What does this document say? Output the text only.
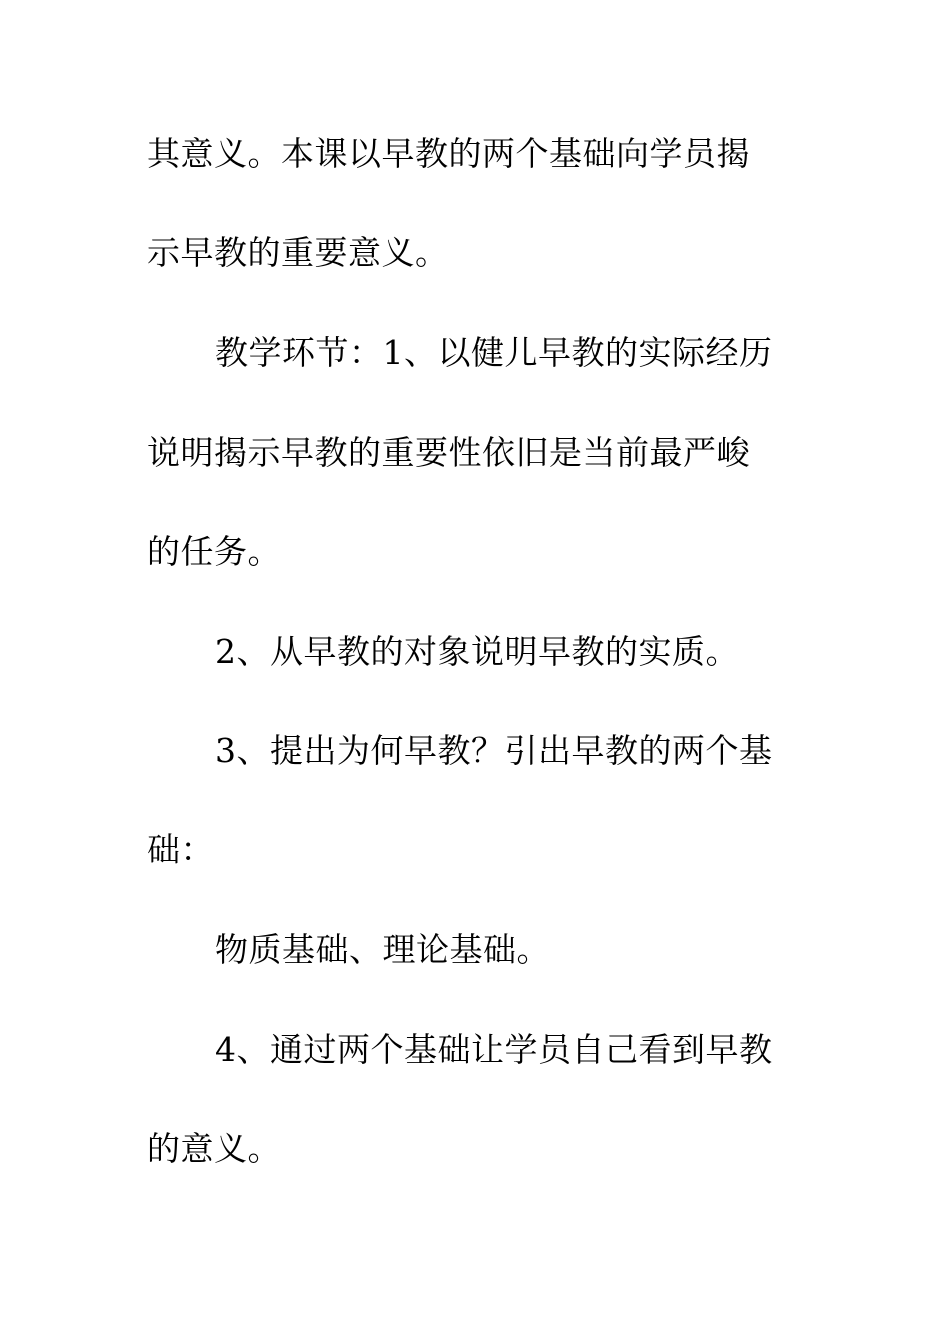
其意义。本课以早教的两个基础向学员揭
示早教的重要意义。
教学环节：1、以健儿早教的实际经历
说明揭示早教的重要性依旧是当前最严峻
的任务。
2、从早教的对象说明早教的实质。
3、提出为何早教？引出早教的两个基
础：
物质基础、理论基础。
4、通过两个基础让学员自己看到早教
的意义。
